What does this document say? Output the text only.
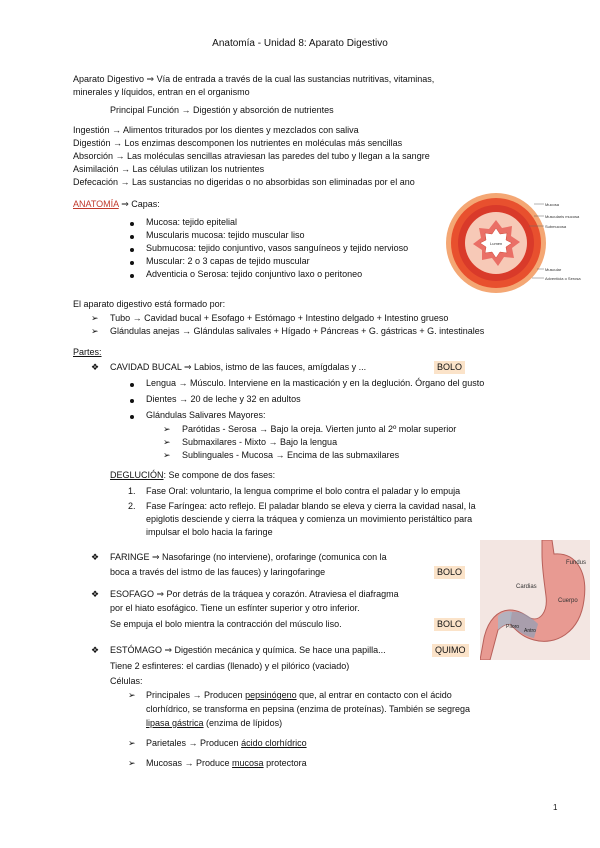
Anatomía - Unidad 8: Aparato Digestivo
Aparato Digestivo ⇒ Vía de entrada a través de la cual las sustancias nutritivas, vitaminas,
minerales y líquidos, entran en el organismo
Principal Función → Digestión y absorción de nutrientes
Ingestión → Alimentos triturados por los dientes y mezclados con saliva
Digestión → Los enzimas descomponen los nutrientes en moléculas más sencillas
Absorción → Las moléculas sencillas atraviesan las paredes del tubo y llegan a la sangre
Asimilación → Las células utilizan los nutrientes
Defecación → Las sustancias no digeridas o no absorbidas son eliminadas por el ano
ANATOMÍA ⇒ Capas:
Mucosa: tejido epitelial
Muscularis mucosa: tejido muscular liso
Submucosa: tejido conjuntivo, vasos sanguíneos y tejido nervioso
Muscular: 2 o 3 capas de tejido muscular
Adventicia o Serosa: tejido conjuntivo laxo o peritoneo
Mucosa
Muscularis mucosa
Submucosa
Lumen
Muscular
Adventicia o Serosa
El aparato digestivo está formado por:
➢ Tubo → Cavidad bucal + Esofago + Estómago + Intestino delgado + Intestino grueso
➢ Glándulas anejas → Glándulas salivales + Hígado + Páncreas + G. gástricas + G. intestinales
Partes:
❖ CAVIDAD BUCAL ⇒ Labios, istmo de las fauces, amígdalas y ...	BOLO
Lengua → Músculo. Interviene en la masticación y en la deglución. Órgano del gusto
Dientes → 20 de leche y 32 en adultos
Glándulas Salivares Mayores:
➢ Parótidas - Serosa → Bajo la oreja. Vierten junto al 2º molar superior
➢ Submaxilares - Mixto → Bajo la lengua
➢ Sublinguales - Mucosa → Encima de las submaxilares
DEGLUCIÓN: Se compone de dos fases:
1. Fase Oral: voluntario, la lengua comprime el bolo contra el paladar y lo empuja
2. Fase Faríngea: acto reflejo. El paladar blando se eleva y cierra la cavidad nasal, la
epiglotis desciende y cierra la tráquea y comienza un movimiento peristáltico para
impulsar el bolo hacia la faringe
Cardias
Fundus
Cuerpo
Píloro
Antro
❖ FARINGE ⇒ Nasofaringe (no interviene), orofaringe (comunica con la
boca a través del istmo de las fauces) y laringofaringe	BOLO
❖ ESOFAGO ⇒ Por detrás de la tráquea y corazón. Atraviesa el diafragma
por el hiato esofágico. Tiene un esfínter superior y otro inferior.
Se empuja el bolo mientra la contracción del músculo liso.	BOLO
❖ ESTÓMAGO ⇒ Digestión mecánica y química. Se hace una papilla...	QUIMO
Tiene 2 esfinteres: el cardias (llenado) y el pilórico (vaciado)
Células:
➢ Principales → Producen pepsinógeno que, al entrar en contacto con el ácido
clorhídrico, se transforma en pepsina (enzima de proteínas). También se segrega
lipasa gástrica (enzima de lípidos)
➢ Parietales → Producen ácido clorhídrico
➢ Mucosas → Produce mucosa protectora
1
